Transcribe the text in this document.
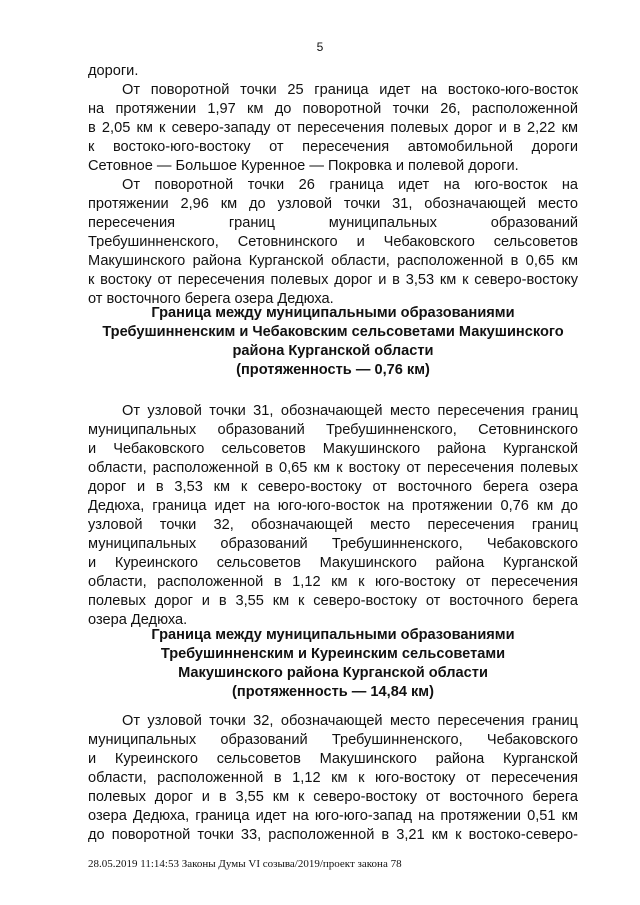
5
дороги.
От поворотной точки 25 граница идет на востоко-юго-восток
на протяжении 1,97 км до поворотной точки 26, расположенной
в 2,05 км к северо-западу от пересечения полевых дорог и в 2,22 км
к востоко-юго-востоку от пересечения автомобильной дороги
Сетовное — Большое Куренное — Покровка и полевой дороги.
От поворотной точки 26 граница идет на юго-восток на
протяжении 2,96 км до узловой точки 31, обозначающей место
пересечения границ муниципальных образований
Требушинненского, Сетовнинского и Чебаковского сельсоветов
Макушинского района Курганской области, расположенной в 0,65 км
к востоку от пересечения полевых дорог и в 3,53 км к северо-востоку
от восточного берега озера Дедюха.
Граница между муниципальными образованиями
Требушинненским и Чебаковским сельсоветами Макушинского
района Курганской области
(протяженность — 0,76 км)
От узловой точки 31, обозначающей место пересечения границ
муниципальных образований Требушинненского, Сетовнинского
и Чебаковского сельсоветов Макушинского района Курганской
области, расположенной в 0,65 км к востоку от пересечения полевых
дорог и в 3,53 км к северо-востоку от восточного берега озера
Дедюха, граница идет на юго-юго-восток на протяжении 0,76 км до
узловой точки 32, обозначающей место пересечения границ
муниципальных образований Требушинненского, Чебаковского
и Куреинского сельсоветов Макушинского района Курганской
области, расположенной в 1,12 км к юго-востоку от пересечения
полевых дорог и в 3,55 км к северо-востоку от восточного берега
озера Дедюха.
Граница между муниципальными образованиями
Требушинненским и Куреинским сельсоветами
Макушинского района Курганской области
(протяженность — 14,84 км)
От узловой точки 32, обозначающей место пересечения границ
муниципальных образований Требушинненского, Чебаковского
и Куреинского сельсоветов Макушинского района Курганской
области, расположенной в 1,12 км к юго-востоку от пересечения
полевых дорог и в 3,55 км к северо-востоку от восточного берега
озера Дедюха, граница идет на юго-юго-запад на протяжении 0,51 км
до поворотной точки 33, расположенной в 3,21 км к востоко-северо-
28.05.2019 11:14:53 Законы Думы VI созыва/2019/проект закона 78
